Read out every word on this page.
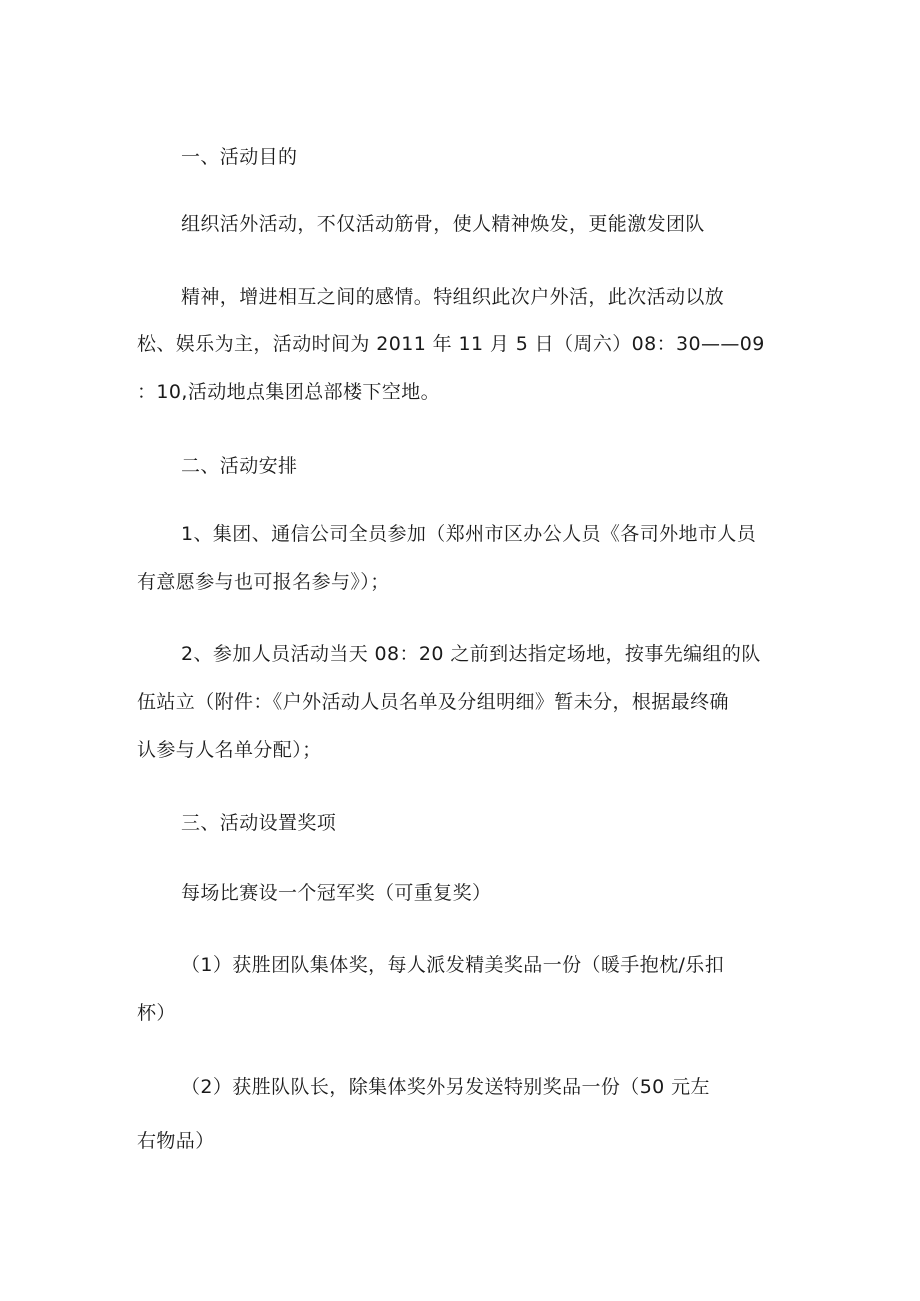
一、活动目的
组织活外活动，不仅活动筋骨，使人精神焕发，更能激发团队
精神，增进相互之间的感情。特组织此次户外活，此次活动以放
松、娱乐为主，活动时间为 2011 年 11 月 5 日（周六）08：30——09
：10,活动地点集团总部楼下空地。
二、活动安排
1、集团、通信公司全员参加（郑州市区办公人员《各司外地市人员
有意愿参与也可报名参与》）；
2、参加人员活动当天 08：20 之前到达指定场地，按事先编组的队
伍站立（附件：《户外活动人员名单及分组明细》暂未分，根据最终确
认参与人名单分配）；
三、活动设置奖项
每场比赛设一个冠军奖（可重复奖）
（1）获胜团队集体奖，每人派发精美奖品一份（暖手抱枕/乐扣
杯）
（2）获胜队队长，除集体奖外另发送特别奖品一份（50 元左
右物品）
